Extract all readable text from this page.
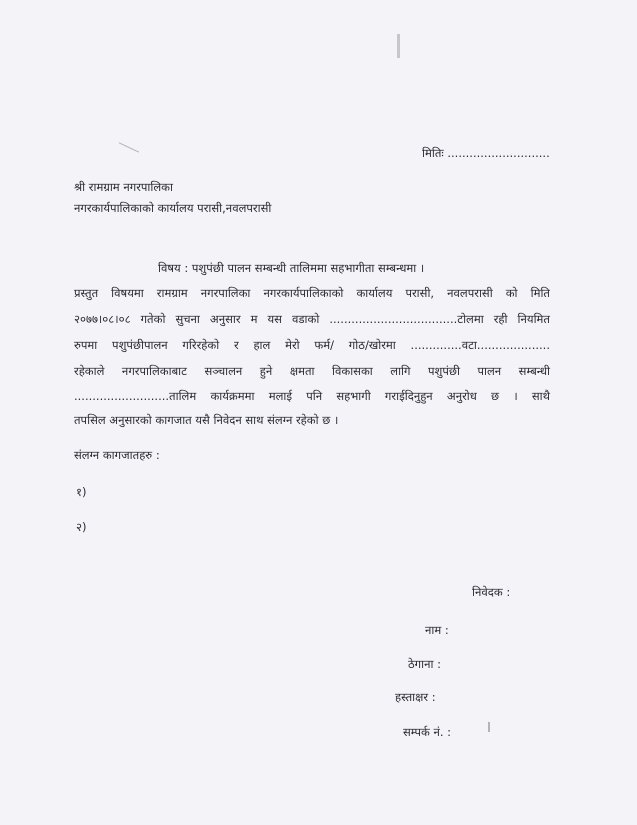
मितिः ............................
श्री रामग्राम नगरपालिका
नगरकार्यपालिकाको कार्यालय परासी,नवलपरासी
विषय : पशुपंछी पालन सम्बन्धी तालिममा सहभागीता सम्बन्धमा ।
प्रस्तुत विषयमा रामग्राम नगरपालिका नगरकार्यपालिकाको कार्यालय परासी, नवलपरासी को मिति
२०७७।०८।०८ गतेको सुचना अनुसार म यस वडाको ...................................टोलमा रही नियमित
रुपमा पशुपंछीपालन गरिरहेको र हाल मेरो फर्म/ गोठ/खोरमा ..............वटा....................
रहेकाले नगरपालिकाबाट सञ्चालन हुने क्षमता विकासका लागि पशुपंछी पालन सम्बन्धी
..........................तालिम कार्यक्रममा मलाई पनि सहभागी गराईदिनुहुन अनुरोध छ । साथै
तपसिल अनुसारको कागजात यसै निवेदन साथ संलग्न रहेको छ ।
संलग्न कागजातहरु :
१)
२)
निवेदक :
नाम :
ठेगाना :
हस्ताक्षर :
सम्पर्क नं. :
